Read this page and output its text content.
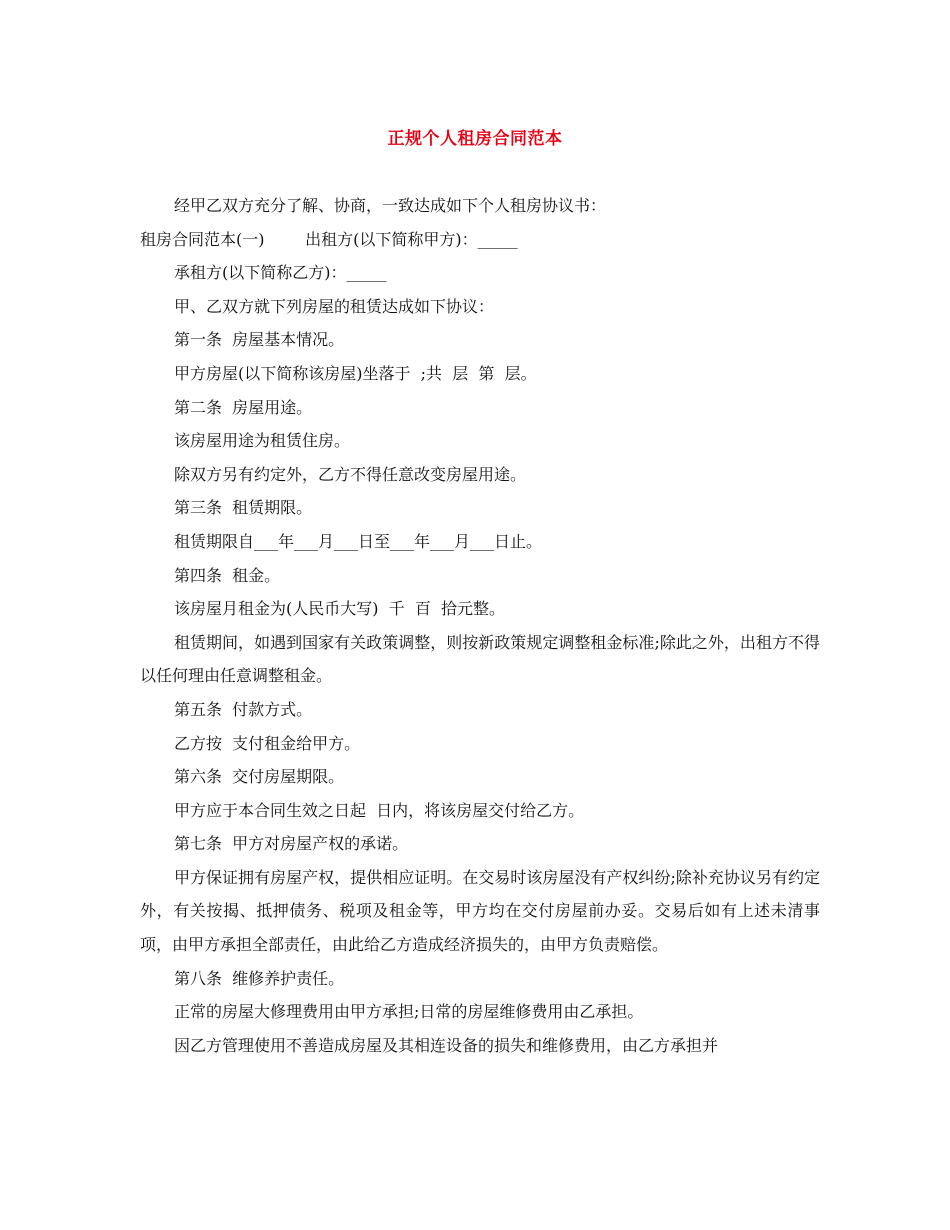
正规个人租房合同范本

经甲乙双方充分了解、协商，一致达成如下个人租房协议书：

租房合同范本(一)        出租方(以下简称甲方)：_____

承租方(以下简称乙方)：_____

甲、乙双方就下列房屋的租赁达成如下协议：

第一条  房屋基本情况。

甲方房屋(以下简称该房屋)坐落于  ;共  层  第  层。

第二条  房屋用途。

该房屋用途为租赁住房。

除双方另有约定外，乙方不得任意改变房屋用途。

第三条  租赁期限。

租赁期限自___年___月___日至___年___月___日止。

第四条  租金。

该房屋月租金为(人民币大写)  千  百  拾元整。

租赁期间，如遇到国家有关政策调整，则按新政策规定调整租金标准;除此之外，出租方不得以任何理由任意调整租金。

第五条  付款方式。

乙方按  支付租金给甲方。

第六条  交付房屋期限。

甲方应于本合同生效之日起  日内，将该房屋交付给乙方。

第七条  甲方对房屋产权的承诺。

甲方保证拥有房屋产权，提供相应证明。在交易时该房屋没有产权纠纷;除补充协议另有约定外，有关按揭、抵押债务、税项及租金等，甲方均在交付房屋前办妥。交易后如有上述未清事项，由甲方承担全部责任，由此给乙方造成经济损失的，由甲方负责赔偿。

第八条  维修养护责任。

正常的房屋大修理费用由甲方承担;日常的房屋维修费用由乙承担。

因乙方管理使用不善造成房屋及其相连设备的损失和维修费用，由乙方承担并
